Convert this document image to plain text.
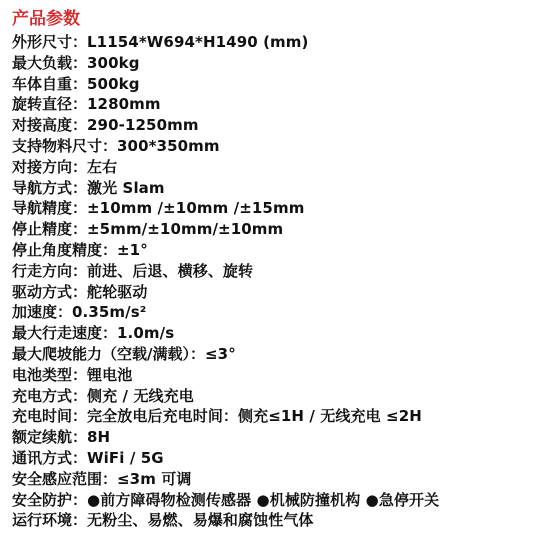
产品参数
外形尺寸：L1154*W694*H1490 (mm)
最大负载：300kg
车体自重：500kg
旋转直径：1280mm
对接高度：290-1250mm
支持物料尺寸：300*350mm
对接方向：左右
导航方式：激光 Slam
导航精度：±10mm /±10mm /±15mm
停止精度：±5mm/±10mm/±10mm
停止角度精度：±1°
行走方向：前进、后退、横移、旋转
驱动方式：舵轮驱动
加速度：0.35m/s²
最大行走速度：1.0m/s
最大爬坡能力（空载/满载）：≤3°
电池类型：锂电池
充电方式：侧充 / 无线充电
充电时间：完全放电后充电时间：侧充≤1H / 无线充电 ≤2H
额定续航：8H
通讯方式：WiFi / 5G
安全感应范围：≤3m 可调
安全防护：●前方障碍物检测传感器 ●机械防撞机构 ●急停开关
运行环境：无粉尘、易燃、易爆和腐蚀性气体
